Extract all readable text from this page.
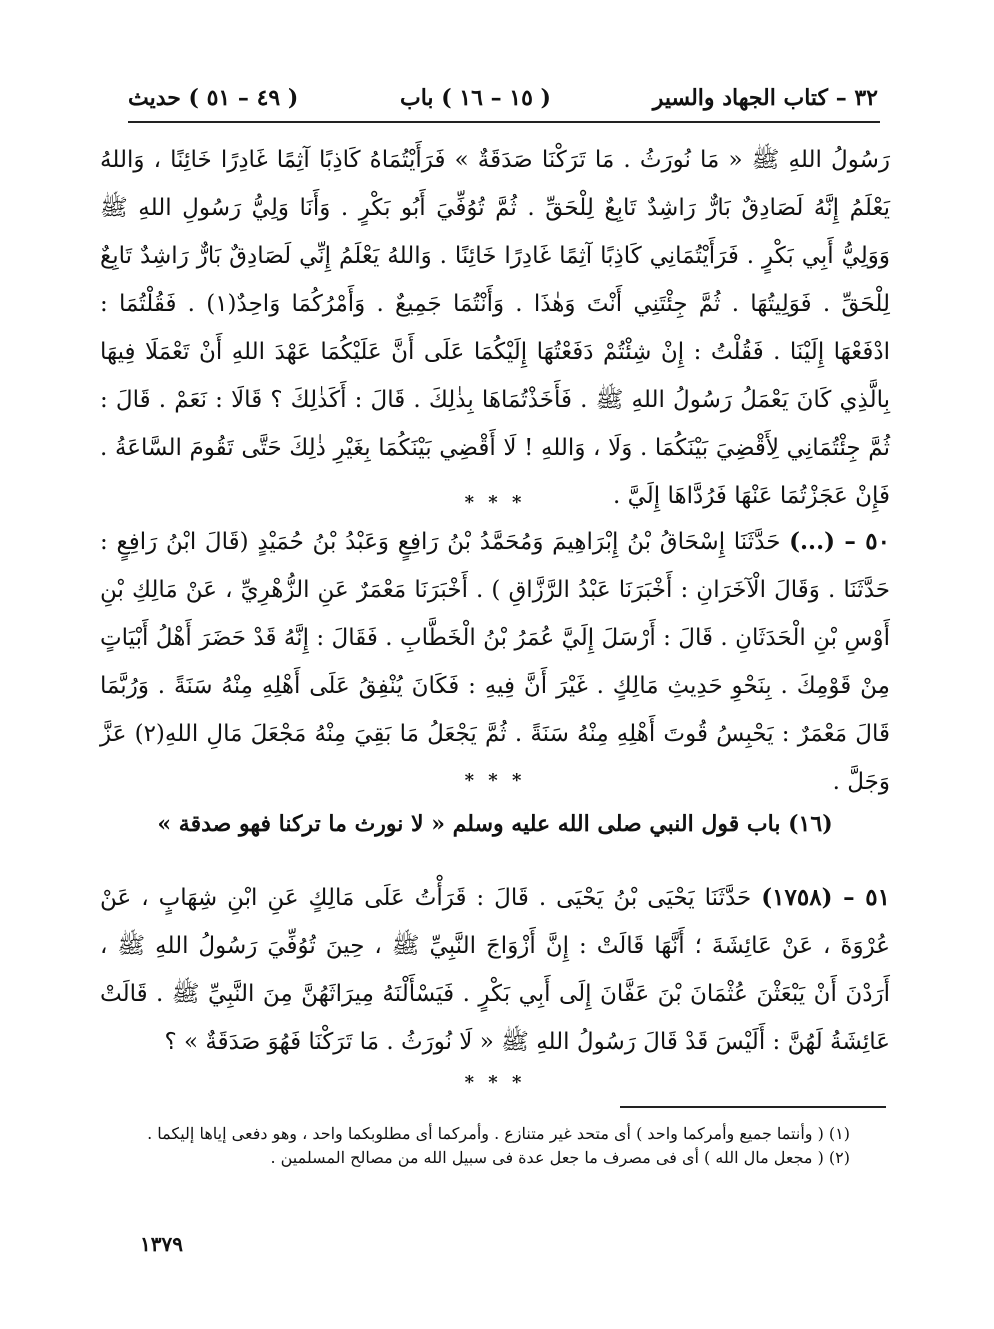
٣٢ – كتاب الجهاد والسير
( ١٥ – ١٦ ) باب
( ٤٩ – ٥١ ) حديث

رَسُولُ اللهِ ﷺ « مَا نُورَثُ . مَا تَرَكْنَا صَدَقَةٌ » فَرَأَيْتُمَاهُ كَاذِبًا آثِمًا غَادِرًا خَائِنًا ، وَاللهُ يَعْلَمُ إِنَّهُ لَصَادِقٌ بَارٌّ رَاشِدٌ تَابِعٌ لِلْحَقِّ . ثُمَّ تُوُفِّيَ أَبُو بَكْرٍ . وَأَنَا وَلِيُّ رَسُولِ اللهِ ﷺ وَوَلِيُّ أَبِي بَكْرٍ . فَرَأَيْتُمَانِي كَاذِبًا آثِمًا غَادِرًا خَائِنًا . وَاللهُ يَعْلَمُ إِنِّي لَصَادِقٌ بَارٌّ رَاشِدٌ تَابِعٌ لِلْحَقِّ . فَوَلِيتُهَا . ثُمَّ جِئْتَنِي أَنْتَ وَهٰذَا . وَأَنْتُمَا جَمِيعٌ . وَأَمْرُكُمَا وَاحِدٌ(١) . فَقُلْتُمَا : ادْفَعْهَا إِلَيْنَا . فَقُلْتُ : إِنْ شِئْتُمْ دَفَعْتُهَا إِلَيْكُمَا عَلَى أَنَّ عَلَيْكُمَا عَهْدَ اللهِ أَنْ تَعْمَلَا فِيهَا بِالَّذِي كَانَ يَعْمَلُ رَسُولُ اللهِ ﷺ . فَأَخَذْتُمَاهَا بِذٰلِكَ . قَالَ : أَكَذٰلِكَ ؟ قَالَا : نَعَمْ . قَالَ : ثُمَّ جِئْتُمَانِي لِأَقْضِيَ بَيْنَكُمَا . وَلَا ، وَاللهِ ! لَا أَقْضِي بَيْنَكُمَا بِغَيْرِ ذٰلِكَ حَتَّى تَقُومَ السَّاعَةُ . فَإِنْ عَجَزْتُمَا عَنْهَا فَرُدَّاهَا إِلَيَّ .

* * *

٥٠ – (...) حَدَّثَنَا إِسْحَاقُ بْنُ إِبْرَاهِيمَ وَمُحَمَّدُ بْنُ رَافِعٍ وَعَبْدُ بْنُ حُمَيْدٍ (قَالَ ابْنُ رَافِعٍ : حَدَّثَنَا . وَقَالَ الْآخَرَانِ : أَخْبَرَنَا عَبْدُ الرَّزَّاقِ ) . أَخْبَرَنَا مَعْمَرٌ عَنِ الزُّهْرِيِّ ، عَنْ مَالِكِ بْنِ أَوْسِ بْنِ الْحَدَثَانِ . قَالَ : أَرْسَلَ إِلَيَّ عُمَرُ بْنُ الْخَطَّابِ . فَقَالَ : إِنَّهُ قَدْ حَضَرَ أَهْلُ أَبْيَاتٍ مِنْ قَوْمِكَ . بِنَحْوِ حَدِيثِ مَالِكٍ . غَيْرَ أَنَّ فِيهِ : فَكَانَ يُنْفِقُ عَلَى أَهْلِهِ مِنْهُ سَنَةً . وَرُبَّمَا قَالَ مَعْمَرٌ : يَحْبِسُ قُوتَ أَهْلِهِ مِنْهُ سَنَةً . ثُمَّ يَجْعَلُ مَا بَقِيَ مِنْهُ مَجْعَلَ مَالِ اللهِ(٢) عَزَّ وَجَلَّ .

* * *
(١٦) باب قول النبي صلى الله عليه وسلم « لا نورث ما تركنا فهو صدقة »

٥١ – (١٧٥٨) حَدَّثَنَا يَحْيَى بْنُ يَحْيَى . قَالَ : قَرَأْتُ عَلَى مَالِكٍ عَنِ ابْنِ شِهَابٍ ، عَنْ عُرْوَةَ ، عَنْ عَائِشَةَ ؛ أَنَّهَا قَالَتْ : إِنَّ أَزْوَاجَ النَّبِيِّ ﷺ ، حِينَ تُوُفِّيَ رَسُولُ اللهِ ﷺ ، أَرَدْنَ أَنْ يَبْعَثْنَ عُثْمَانَ بْنَ عَفَّانَ إِلَى أَبِي بَكْرٍ . فَيَسْأَلْنَهُ مِيرَاثَهُنَّ مِنَ النَّبِيِّ ﷺ . قَالَتْ عَائِشَةُ لَهُنَّ : أَلَيْسَ قَدْ قَالَ رَسُولُ اللهِ ﷺ « لَا نُورَثُ . مَا تَرَكْنَا فَهُوَ صَدَقَةٌ » ؟

* * *

(١) ( وأنتما جميع وأمركما واحد ) أى متحد غير متنازع . وأمركما أى مطلوبكما واحد ، وهو دفعى إياها إليكما .

(٢) ( مجعل مال الله ) أى فى مصرف ما جعل عدة فى سبيل الله من مصالح المسلمين .

١٣٧٩
